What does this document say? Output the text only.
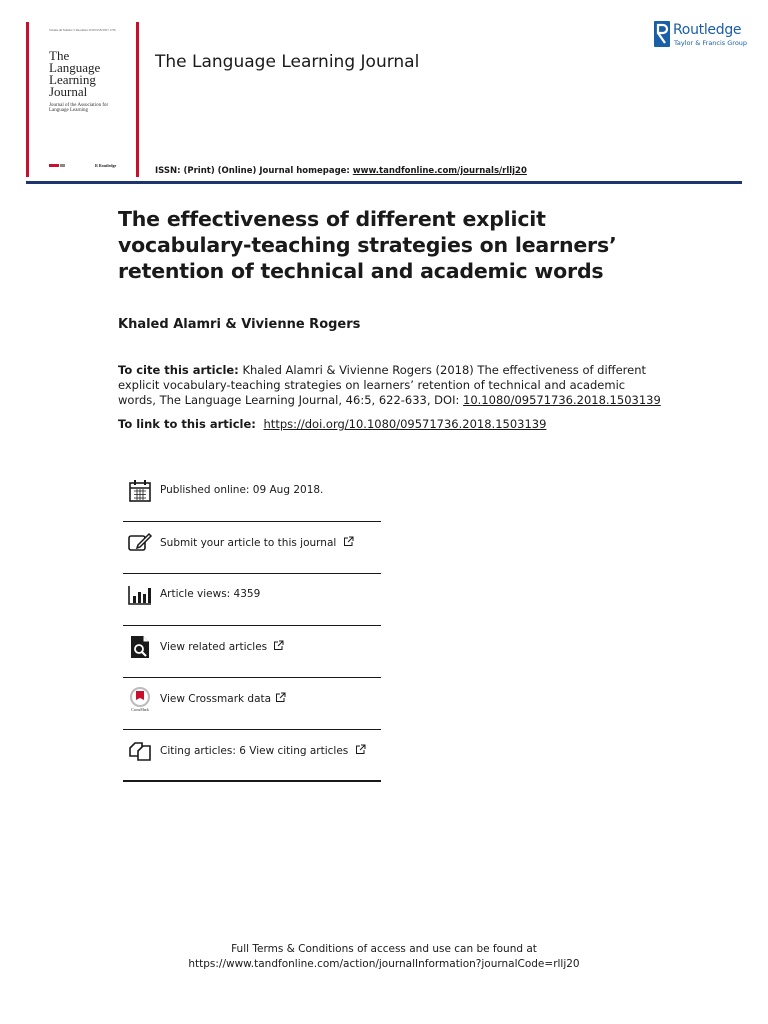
Volume 46 Number 5 December 2018 ISSN 0957-1736
The
Language
Learning
Journal
Journal of the Association for Language Learning
R Routledge
The Language Learning Journal
Routledge
Taylor & Francis Group
ISSN: (Print) (Online) Journal homepage: www.tandfonline.com/journals/rllj20
The effectiveness of different explicit vocabulary-teaching strategies on learners’ retention of technical and academic words
Khaled Alamri & Vivienne Rogers
To cite this article: Khaled Alamri & Vivienne Rogers (2018) The effectiveness of different explicit vocabulary-teaching strategies on learners’ retention of technical and academic words, The Language Learning Journal, 46:5, 622-633, DOI: 10.1080/09571736.2018.1503139
To link to this article: https://doi.org/10.1080/09571736.2018.1503139
Published online: 09 Aug 2018.
Submit your article to this journal
Article views: 4359
View related articles
CrossMark
View Crossmark data
Citing articles: 6 View citing articles
Full Terms & Conditions of access and use can be found at
https://www.tandfonline.com/action/journalInformation?journalCode=rllj20
